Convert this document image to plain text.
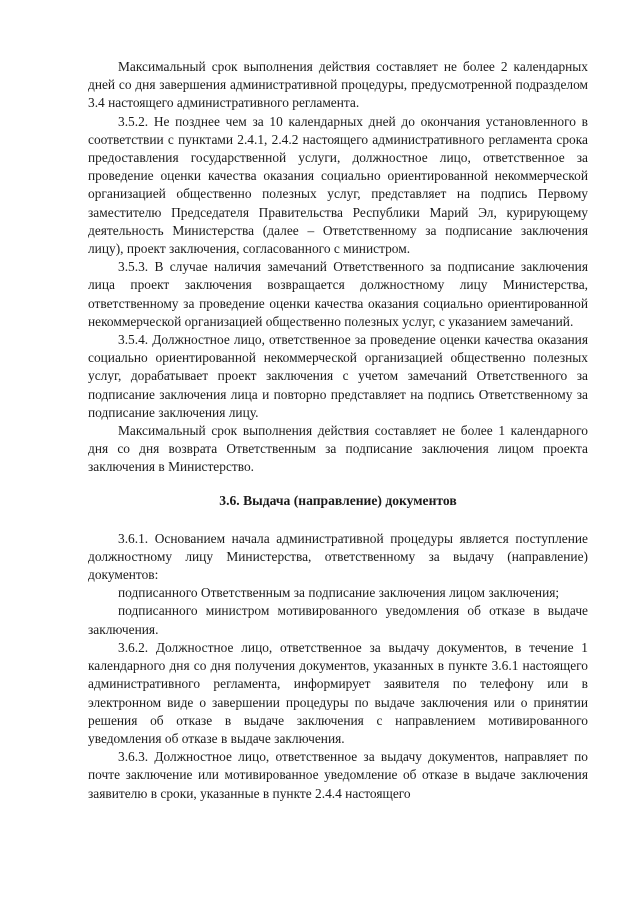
Максимальный срок выполнения действия составляет не более 2 календарных дней со дня завершения административной процедуры, предусмотренной подразделом 3.4 настоящего административного регламента.

3.5.2. Не позднее чем за 10 календарных дней до окончания установленного в соответствии с пунктами 2.4.1, 2.4.2 настоящего административного регламента срока предоставления государственной услуги, должностное лицо, ответственное за проведение оценки качества оказания социально ориентированной некоммерческой организацией общественно полезных услуг, представляет на подпись Первому заместителю Председателя Правительства Республики Марий Эл, курирующему деятельность Министерства (далее – Ответственному за подписание заключения лицу), проект заключения, согласованного с министром.

3.5.3. В случае наличия замечаний Ответственного за подписание заключения лица проект заключения возвращается должностному лицу Министерства, ответственному за проведение оценки качества оказания социально ориентированной некоммерческой организацией общественно полезных услуг, с указанием замечаний.

3.5.4. Должностное лицо, ответственное за проведение оценки качества оказания социально ориентированной некоммерческой организацией общественно полезных услуг, дорабатывает проект заключения с учетом замечаний Ответственного за подписание заключения лица и повторно представляет на подпись Ответственному за подписание заключения лицу.

Максимальный срок выполнения действия составляет не более 1 календарного дня со дня возврата Ответственным за подписание заключения лицом проекта заключения в Министерство.

3.6. Выдача (направление) документов

3.6.1. Основанием начала административной процедуры является поступление должностному лицу Министерства, ответственному за выдачу (направление) документов:

подписанного Ответственным за подписание заключения лицом заключения;

подписанного министром мотивированного уведомления об отказе в выдаче заключения.

3.6.2. Должностное лицо, ответственное за выдачу документов, в течение 1 календарного дня со дня получения документов, указанных в пункте 3.6.1 настоящего административного регламента, информирует заявителя по телефону или в электронном виде о завершении процедуры по выдаче заключения или о принятии решения об отказе в выдаче заключения с направлением мотивированного уведомления об отказе в выдаче заключения.

3.6.3. Должностное лицо, ответственное за выдачу документов, направляет по почте заключение или мотивированное уведомление об отказе в выдаче заключения заявителю в сроки, указанные в пункте 2.4.4 настоящего
